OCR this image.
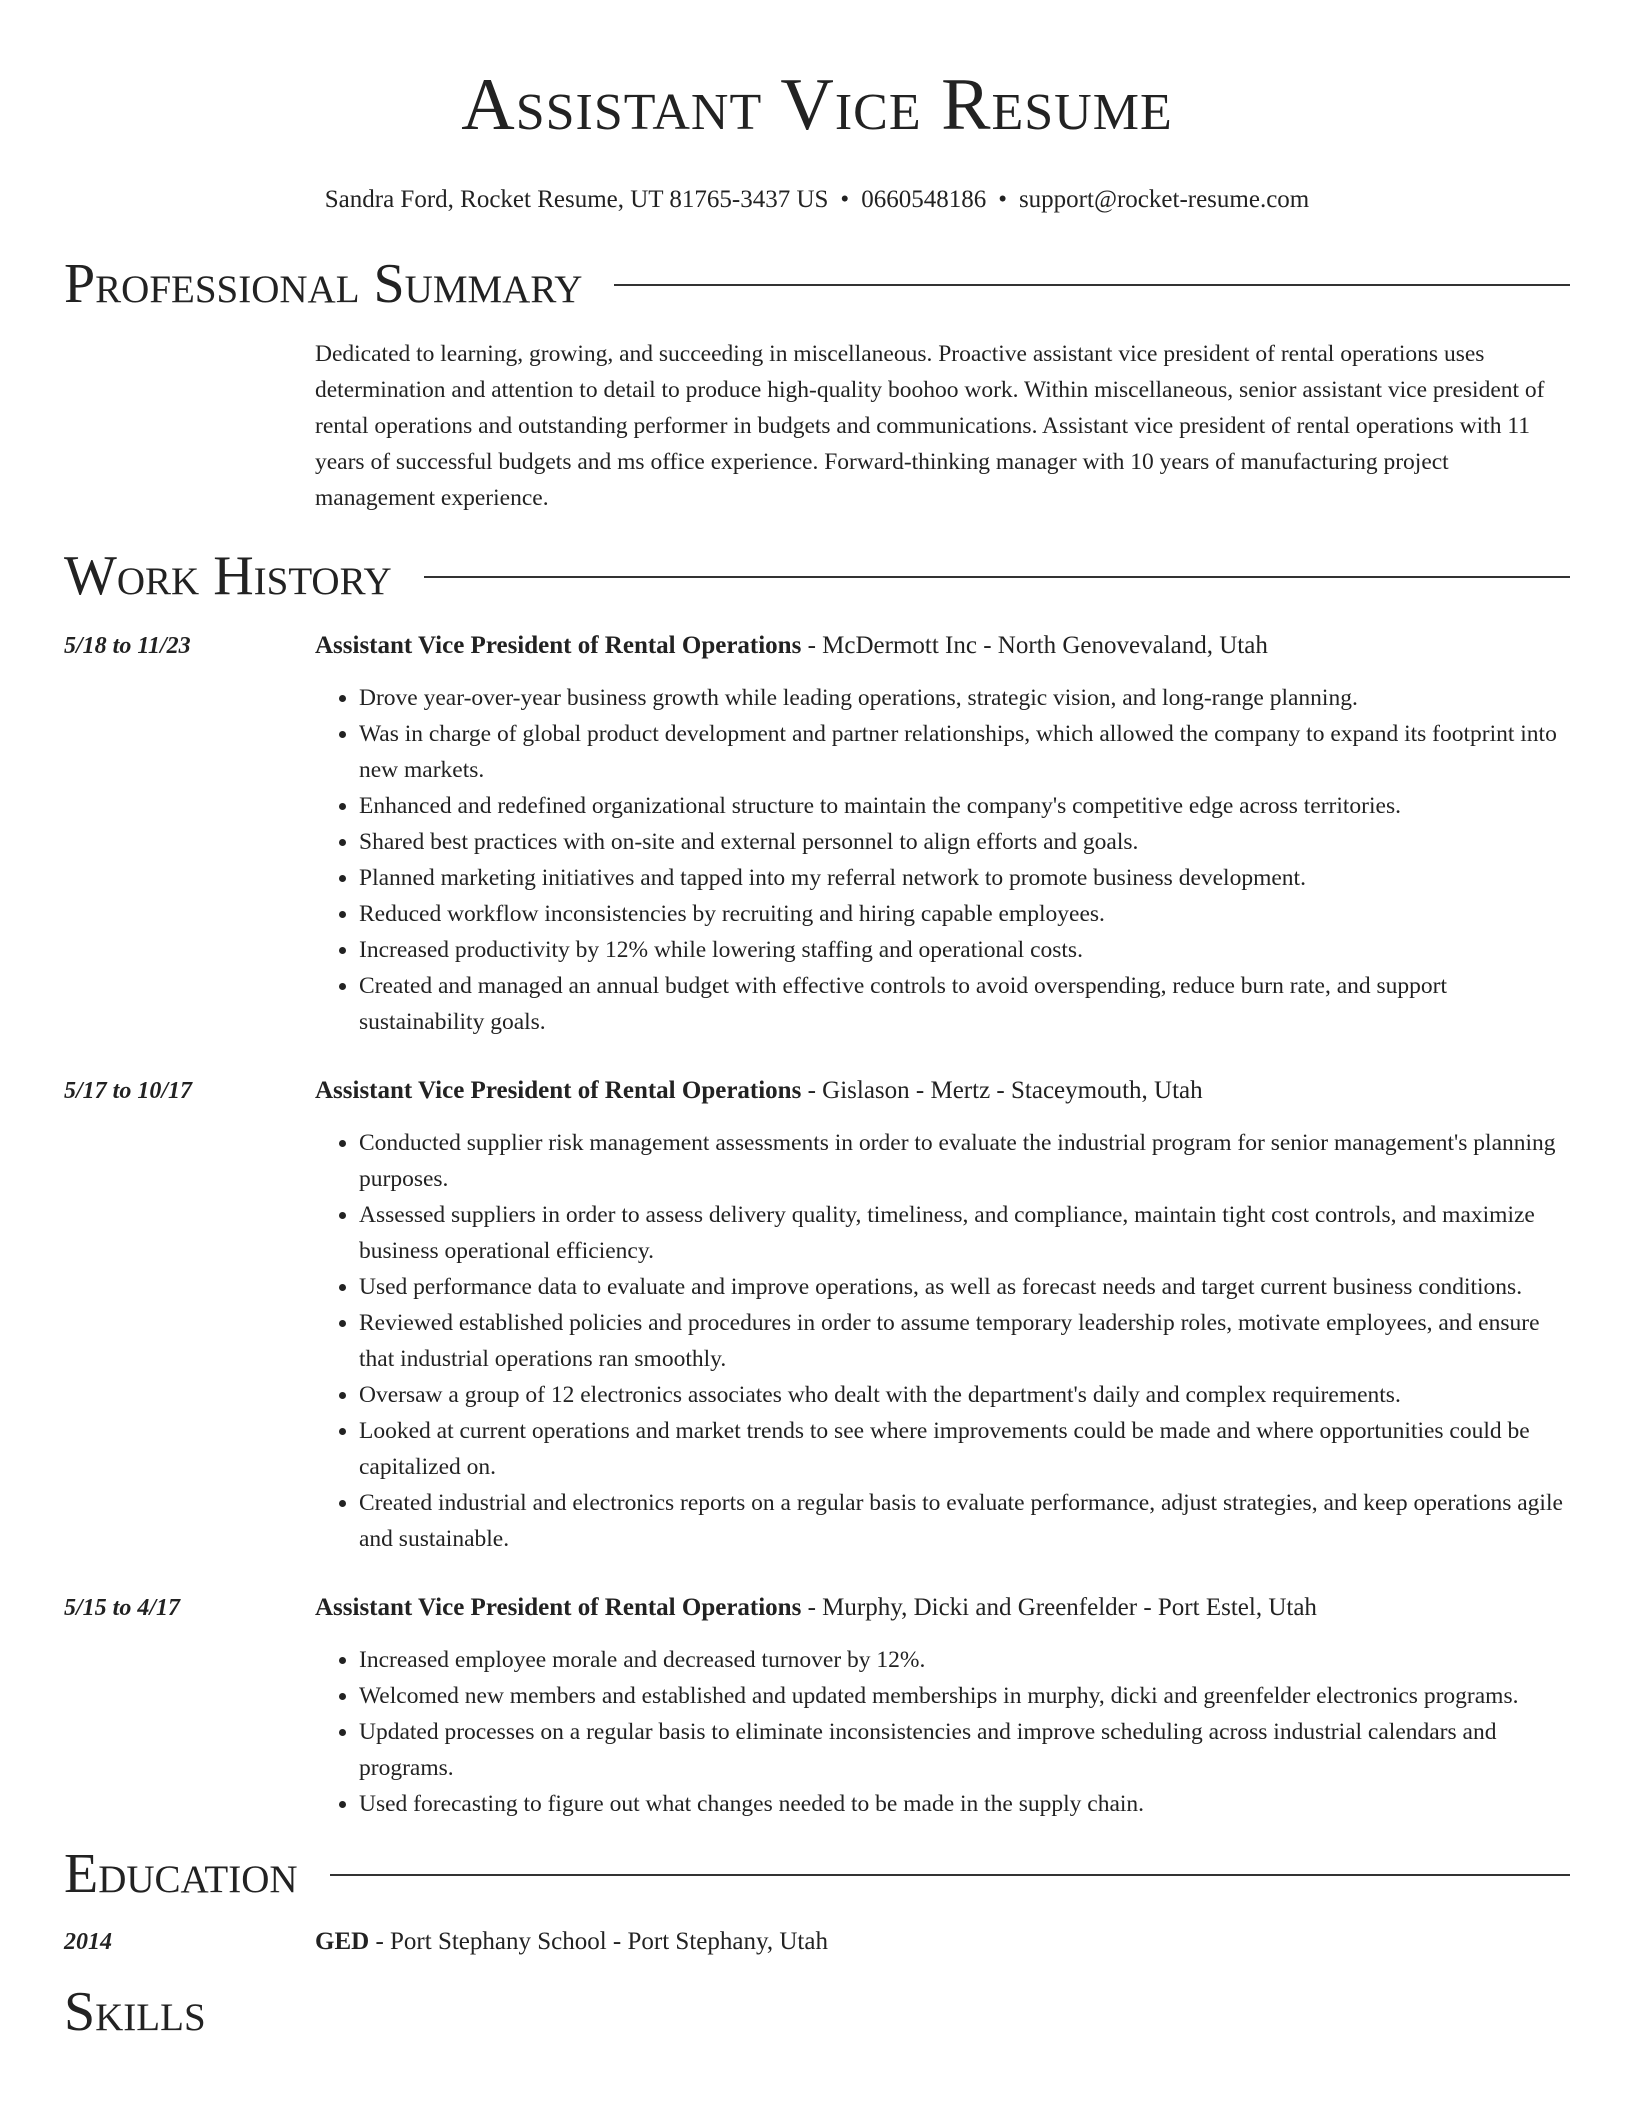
Assistant Vice Resume
Sandra Ford, Rocket Resume, UT 81765-3437 US • 0660548186 • support@rocket-resume.com
Professional Summary
Dedicated to learning, growing, and succeeding in miscellaneous. Proactive assistant vice president of rental operations uses determination and attention to detail to produce high-quality boohoo work. Within miscellaneous, senior assistant vice president of rental operations and outstanding performer in budgets and communications. Assistant vice president of rental operations with 11 years of successful budgets and ms office experience. Forward-thinking manager with 10 years of manufacturing project management experience.
Work History
5/18 to 11/23	Assistant Vice President of Rental Operations - McDermott Inc - North Genovevaland, Utah
• Drove year-over-year business growth while leading operations, strategic vision, and long-range planning.
• Was in charge of global product development and partner relationships, which allowed the company to expand its footprint into new markets.
• Enhanced and redefined organizational structure to maintain the company's competitive edge across territories.
• Shared best practices with on-site and external personnel to align efforts and goals.
• Planned marketing initiatives and tapped into my referral network to promote business development.
• Reduced workflow inconsistencies by recruiting and hiring capable employees.
• Increased productivity by 12% while lowering staffing and operational costs.
• Created and managed an annual budget with effective controls to avoid overspending, reduce burn rate, and support sustainability goals.
5/17 to 10/17	Assistant Vice President of Rental Operations - Gislason - Mertz - Staceymouth, Utah
• Conducted supplier risk management assessments in order to evaluate the industrial program for senior management's planning purposes.
• Assessed suppliers in order to assess delivery quality, timeliness, and compliance, maintain tight cost controls, and maximize business operational efficiency.
• Used performance data to evaluate and improve operations, as well as forecast needs and target current business conditions.
• Reviewed established policies and procedures in order to assume temporary leadership roles, motivate employees, and ensure that industrial operations ran smoothly.
• Oversaw a group of 12 electronics associates who dealt with the department's daily and complex requirements.
• Looked at current operations and market trends to see where improvements could be made and where opportunities could be capitalized on.
• Created industrial and electronics reports on a regular basis to evaluate performance, adjust strategies, and keep operations agile and sustainable.
5/15 to 4/17	Assistant Vice President of Rental Operations - Murphy, Dicki and Greenfelder - Port Estel, Utah
• Increased employee morale and decreased turnover by 12%.
• Welcomed new members and established and updated memberships in murphy, dicki and greenfelder electronics programs.
• Updated processes on a regular basis to eliminate inconsistencies and improve scheduling across industrial calendars and programs.
• Used forecasting to figure out what changes needed to be made in the supply chain.
Education
2014	GED - Port Stephany School - Port Stephany, Utah
Skills
